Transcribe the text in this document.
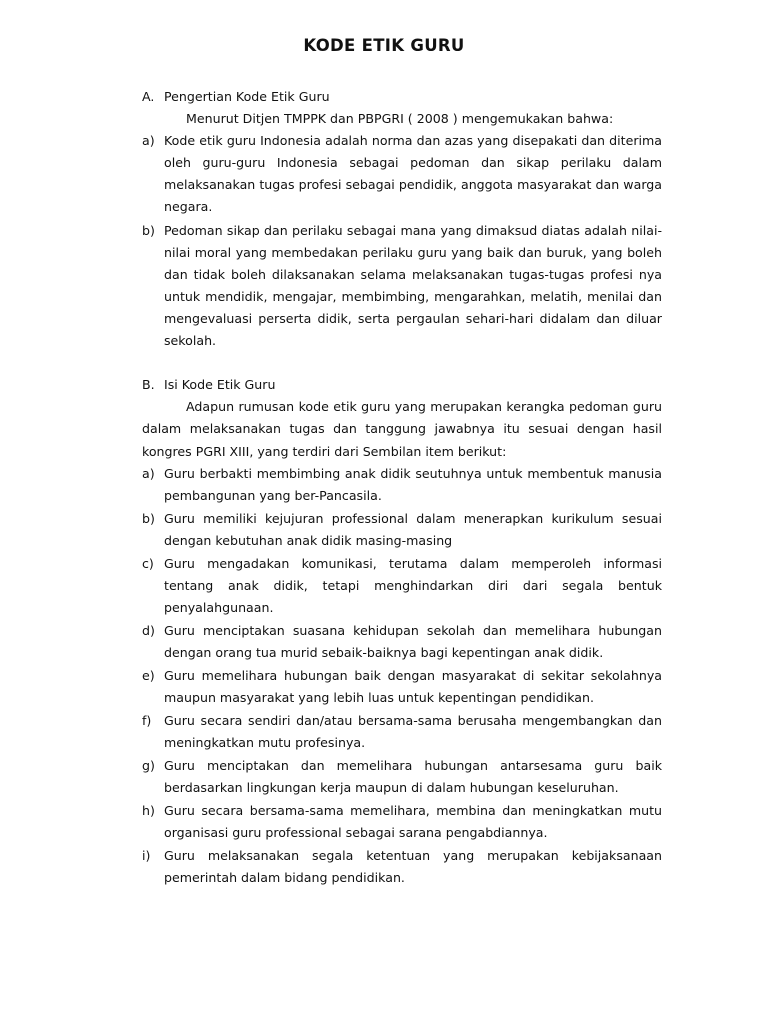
KODE ETIK GURU
A. Pengertian Kode Etik Guru
Menurut Ditjen TMPPK dan PBPGRI ( 2008 ) mengemukakan bahwa:
a) Kode etik guru Indonesia adalah norma dan azas yang disepakati dan diterima oleh guru-guru Indonesia sebagai pedoman dan sikap perilaku dalam melaksanakan tugas profesi sebagai pendidik, anggota masyarakat dan warga negara.
b) Pedoman sikap dan perilaku sebagai mana yang dimaksud diatas adalah nilai-nilai moral yang membedakan perilaku guru yang baik dan buruk, yang boleh dan tidak boleh dilaksanakan selama melaksanakan tugas-tugas profesi nya untuk mendidik, mengajar, membimbing, mengarahkan, melatih, menilai dan mengevaluasi perserta didik, serta pergaulan sehari-hari didalam dan diluar sekolah.
B. Isi Kode Etik Guru
Adapun rumusan kode etik guru yang merupakan kerangka pedoman guru dalam melaksanakan tugas dan tanggung jawabnya itu sesuai dengan hasil kongres PGRI XIII, yang terdiri dari Sembilan item berikut:
a) Guru berbakti membimbing anak didik seutuhnya untuk membentuk manusia pembangunan yang ber-Pancasila.
b) Guru memiliki kejujuran professional dalam menerapkan kurikulum sesuai dengan kebutuhan anak didik masing-masing
c) Guru mengadakan komunikasi, terutama dalam memperoleh informasi tentang anak didik, tetapi menghindarkan diri dari segala bentuk penyalahgunaan.
d) Guru menciptakan suasana kehidupan sekolah dan memelihara hubungan dengan orang tua murid sebaik-baiknya bagi kepentingan anak didik.
e) Guru memelihara hubungan baik dengan masyarakat di sekitar sekolahnya maupun masyarakat yang lebih luas untuk kepentingan pendidikan.
f)	Guru secara sendiri dan/atau bersama-sama berusaha mengembangkan dan meningkatkan mutu profesinya.
g) Guru menciptakan dan memelihara hubungan antarsesama guru baik berdasarkan lingkungan kerja maupun di dalam hubungan keseluruhan.
h) Guru secara bersama-sama memelihara, membina dan meningkatkan mutu organisasi guru professional sebagai sarana pengabdiannya.
i)	Guru melaksanakan segala ketentuan yang merupakan kebijaksanaan pemerintah dalam bidang pendidikan.
